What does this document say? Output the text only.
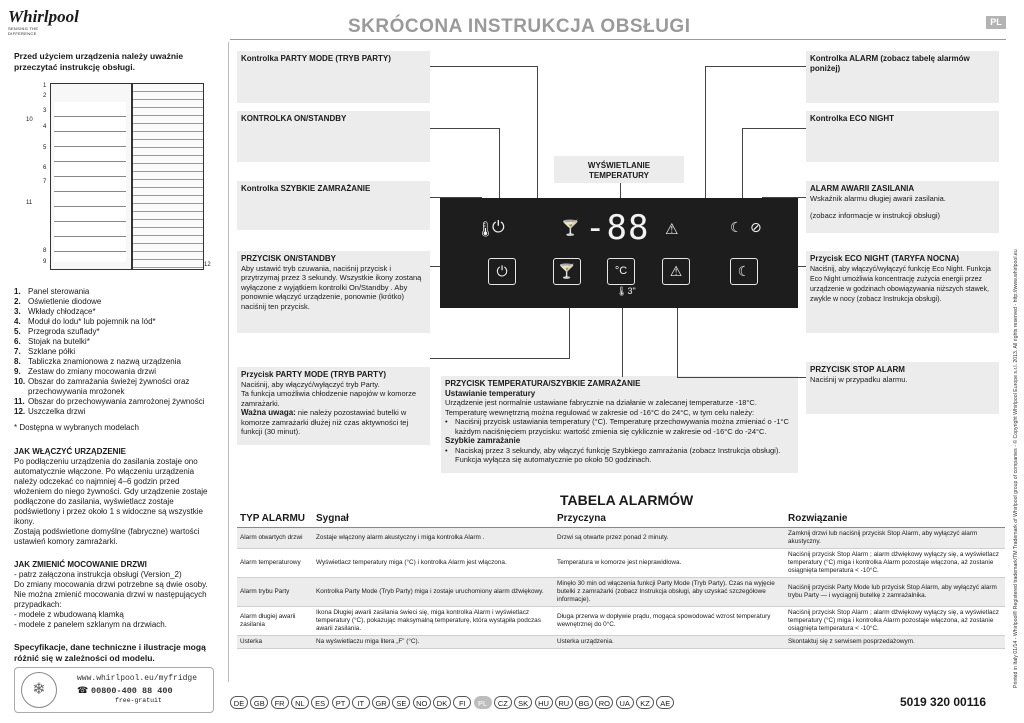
Whirlpool
SENSING THE DIFFERENCE	SKRÓCONA INSTRUKCJA OBSŁUGI	PL
Przed użyciem urządzenia należy uważnie przeczytać instrukcję obsługi.
1
2
3
4
5
6
7
8
9
10
11
12
1. Panel sterowania
2. Oświetlenie diodowe
3. Wkłady chłodzące*
4. Moduł do lodu* lub pojemnik na lód*
5. Przegroda szuflady*
6. Stojak na butelki*
7. Szklane półki
8. Tabliczka znamionowa z nazwą urządzenia
9. Zestaw do zmiany mocowania drzwi
10. Obszar do zamrażania świeżej żywności oraz przechowywania mrożonek
11. Obszar do przechowywania zamrożonej żywności
12. Uszczelka drzwi
* Dostępna w wybranych modelach
JAK WŁĄCZYĆ URZĄDZENIE
Po podłączeniu urządzenia do zasilania zostaje ono automatycznie włączone. Po włączeniu urządzenia należy odczekać co najmniej 4–6 godzin przed włożeniem do niego żywności. Gdy urządzenie zostaje podłączone do zasilania, wyświetlacz zostaje podświetlony i przez około 1 s widoczne są wszystkie ikony.
Zostają podświetlone domyślne (fabryczne) wartości ustawień komory zamrażarki.
JAK ZMIENIĆ MOCOWANIE DRZWI
- patrz załączona instrukcja obsługi (Version_2)
Do zmiany mocowania drzwi potrzebne są dwie osoby.
Nie można zmienić mocowania drzwi w następujących przypadkach:
- modele z wbudowaną klamką
- modele z panelem szklanym na drzwiach.
Specyfikacje, dane techniczne i ilustracje mogą różnić się w zależności od modelu.
❄
www.whirlpool.eu/myfridge
☎ 00800-400 88 400
free-gratuit
Kontrolka PARTY MODE (TRYB PARTY)
KONTROLKA ON/STANDBY
Kontrolka SZYBKIE ZAMRAŻANIE
PRZYCISK ON/STANDBY
Aby ustawić tryb czuwania, naciśnij przycisk i przytrzymaj przez 3 sekundy. Wszystkie ikony zostaną wyłączone z wyjątkiem kontrolki On/Standby . Aby ponownie włączyć urządzenie, ponownie (krótko) naciśnij ten przycisk.
Przycisk PARTY MODE (TRYB PARTY)
Naciśnij, aby włączyć/wyłączyć tryb Party.
Ta funkcja umożliwia chłodzenie napojów w komorze zamrażarki.
Ważna uwaga: nie należy pozostawiać butelki w komorze zamrażarki dłużej niż czas aktywności tej funkcji (30 minut).
WYŚWIETLANIE TEMPERATURY
PRZYCISK TEMPERATURA/SZYBKIE ZAMRAŻANIE
Ustawianie temperatury
Urządzenie jest normalnie ustawiane fabrycznie na działanie w zalecanej temperaturze -18°C. Temperaturę wewnętrzną można regulować w zakresie od -16°C do 24°C, w tym celu należy:
• Naciśnij przycisk ustawiania temperatury (°C). Temperaturę przechowywania można zmieniać o -1°C każdym naciśnięciem przycisku: wartość zmienia się cyklicznie w zakresie od -16°C do -24°C.
Szybkie zamrażanie
• Naciskaj przez 3 sekundy, aby włączyć funkcję Szybkiego zamrażania (zobacz Instrukcja obsługi). Funkcja wyłącza się automatycznie po około 50 godzinach.
Kontrolka ALARM (zobacz tabelę alarmów poniżej)
Kontrolka ECO NIGHT
ALARM AWARII ZASILANIA
Wskaźnik alarmu długiej awarii zasilania.
(zobacz informacje w instrukcji obsługi)
Przycisk ECO NIGHT (TARYFA NOCNA)
Naciśnij, aby włączyć/wyłączyć funkcję Eco Night. Funkcja Eco Night umożliwia koncentrację zużycia energii przez urządzenie w godzinach obowiązywania niższych stawek, zwykle w nocy (zobacz Instrukcja obsługi).
PRZYCISK STOP ALARM
Naciśnij w przypadku alarmu.
🌡
⏻	🍸 -88 ⚠	☾ ⊘
⏻	🍸	°C
🌡3"
⚠	☾
TABELA ALARMÓW
TYP ALARMU	Sygnał	Przyczyna	Rozwiązanie
Alarm otwartych drzwi	Zostaje włączony alarm akustyczny i miga kontrolka Alarm .	Drzwi są otwarte przez ponad 2 minuty.	Zamknij drzwi lub naciśnij przycisk Stop Alarm, aby wyłączyć alarm akustyczny.
Alarm temperaturowy	Wyświetlacz temperatury miga (°C) i kontrolka Alarm jest włączona.	Temperatura w komorze jest nieprawidłowa.	Naciśnij przycisk Stop Alarm ; alarm dźwiękowy wyłączy się, a wyświetlacz temperatury (°C) miga i kontrolka Alarm pozostaje włączona, aż zostanie osiągnięta temperatura < -10°C.
Alarm trybu Party	Kontrolka Party Mode (Tryb Party) miga i zostaje uruchomiony alarm dźwiękowy.	Minęło 30 min od włączenia funkcji Party Mode (Tryb Party). Czas na wyjęcie butelki z zamrażarki (zobacz Instrukcja obsługi, aby uzyskać szczegółowe informacje).	Naciśnij przycisk Party Mode lub przycisk Stop Alarm, aby wyłączyć alarm trybu Party — i wyciągnij butelkę z zamrażalnika.
Alarm długiej awarii zasilania	Ikona Długiej awarii zasilania świeci się, miga kontrolka Alarm i wyświetlacz temperatury (°C), pokazując maksymalną temperaturę, która wystąpiła podczas awarii zasilania.	Długa przerwa w dopływie prądu, mogąca spowodować wzrost temperatury wewnętrznej do 0°C.	Naciśnij przycisk Stop Alarm ; alarm dźwiękowy wyłączy się, a wyświetlacz temperatury (°C) miga i kontrolka Alarm pozostaje włączona, aż zostanie osiągnięta temperatura < -10°C.
Usterka	Na wyświetlaczu miga litera „F” (°C).	Usterka urządzenia.	Skontaktuj się z serwisem posprzedażowym.
DE	GB	FR	NL	ES	PT	IT	GR	SE	NO	DK	FI	PL	CZ	SK	HU	RU	BG	RO	UA	KZ	AE	5019 320 00116
Printed in Italy 01/14 - Whirlpool® Registered trademark/TM Trademark of Whirlpool group of companies - © Copyright Whirlpool Europe s.r.l. 2013. All rights reserved - http://www.whirlpool.eu
